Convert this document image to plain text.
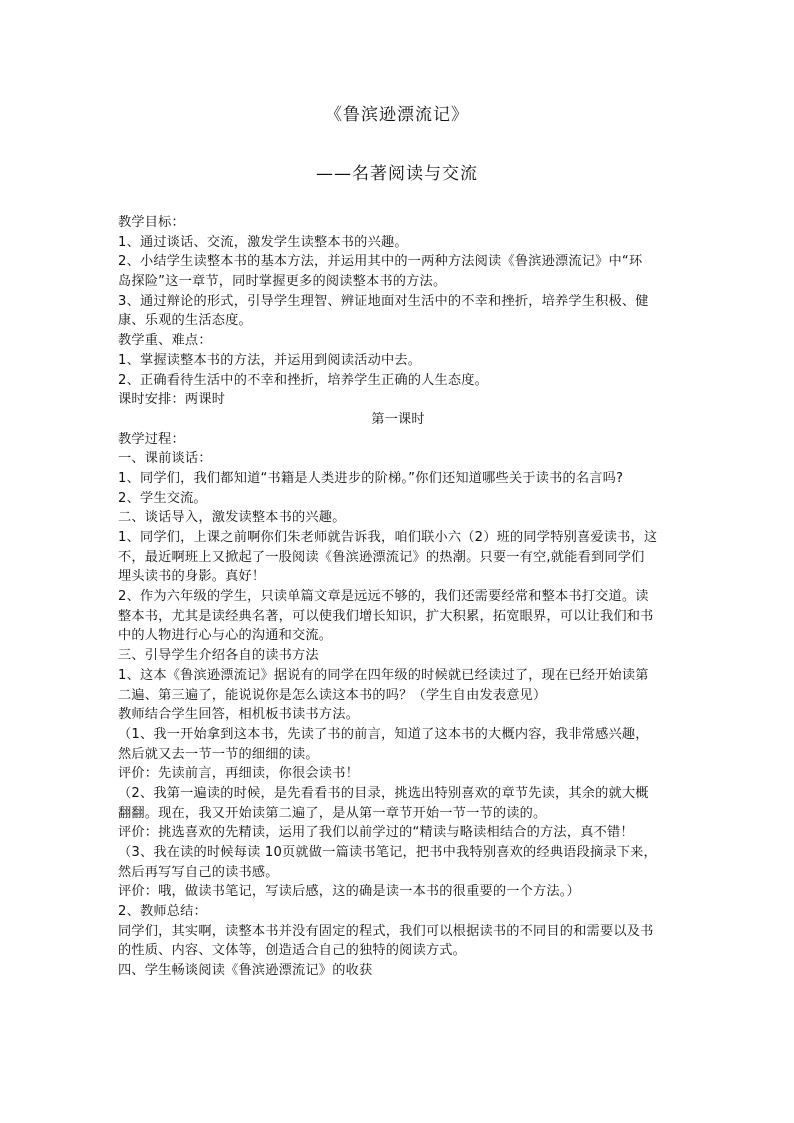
《鲁滨逊漂流记》
——名著阅读与交流
教学目标：
1、通过谈话、交流，激发学生读整本书的兴趣。
2、小结学生读整本书的基本方法，并运用其中的一两种方法阅读《鲁滨逊漂流记》中“环
岛探险”这一章节，同时掌握更多的阅读整本书的方法。
3、通过辩论的形式，引导学生理智、辨证地面对生活中的不幸和挫折，培养学生积极、健
康、乐观的生活态度。
教学重、难点：
1、掌握读整本书的方法，并运用到阅读活动中去。
2、正确看待生活中的不幸和挫折，培养学生正确的人生态度。
课时安排：两课时
第一课时
教学过程：
一、课前谈话：
1、同学们，我们都知道“书籍是人类进步的阶梯。”你们还知道哪些关于读书的名言吗?
2、学生交流。
二、谈话导入，激发读整本书的兴趣。
1、同学们，上课之前啊你们朱老师就告诉我，咱们联小六（2）班的同学特别喜爱读书，这
不，最近啊班上又掀起了一股阅读《鲁滨逊漂流记》的热潮。只要一有空,就能看到同学们
埋头读书的身影。真好！
2、作为六年级的学生，只读单篇文章是远远不够的，我们还需要经常和整本书打交道。读
整本书，尤其是读经典名著，可以使我们增长知识，扩大积累，拓宽眼界，可以让我们和书
中的人物进行心与心的沟通和交流。
三、引导学生介绍各自的读书方法
1、这本《鲁滨逊漂流记》据说有的同学在四年级的时候就已经读过了，现在已经开始读第
二遍、第三遍了，能说说你是怎么读这本书的吗？（学生自由发表意见）
教师结合学生回答，相机板书读书方法。
（1、我一开始拿到这本书，先读了书的前言，知道了这本书的大概内容，我非常感兴趣，
然后就又去一节一节的细细的读。
评价：先读前言，再细读，你很会读书！
（2、我第一遍读的时候，是先看看书的目录，挑选出特别喜欢的章节先读，其余的就大概
翻翻。现在，我又开始读第二遍了，是从第一章节开始一节一节的读的。
评价：挑选喜欢的先精读，运用了我们以前学过的“精读与略读相结合的方法，真不错！
（3、我在读的时候每读 10页就做一篇读书笔记，把书中我特别喜欢的经典语段摘录下来，
然后再写写自己的读书感。
评价：哦，做读书笔记，写读后感，这的确是读一本书的很重要的一个方法。）
2、教师总结：
同学们，其实啊，读整本书并没有固定的程式，我们可以根据读书的不同目的和需要以及书
的性质、内容、文体等，创造适合自己的独特的阅读方式。
四、学生畅谈阅读《鲁滨逊漂流记》的收获
